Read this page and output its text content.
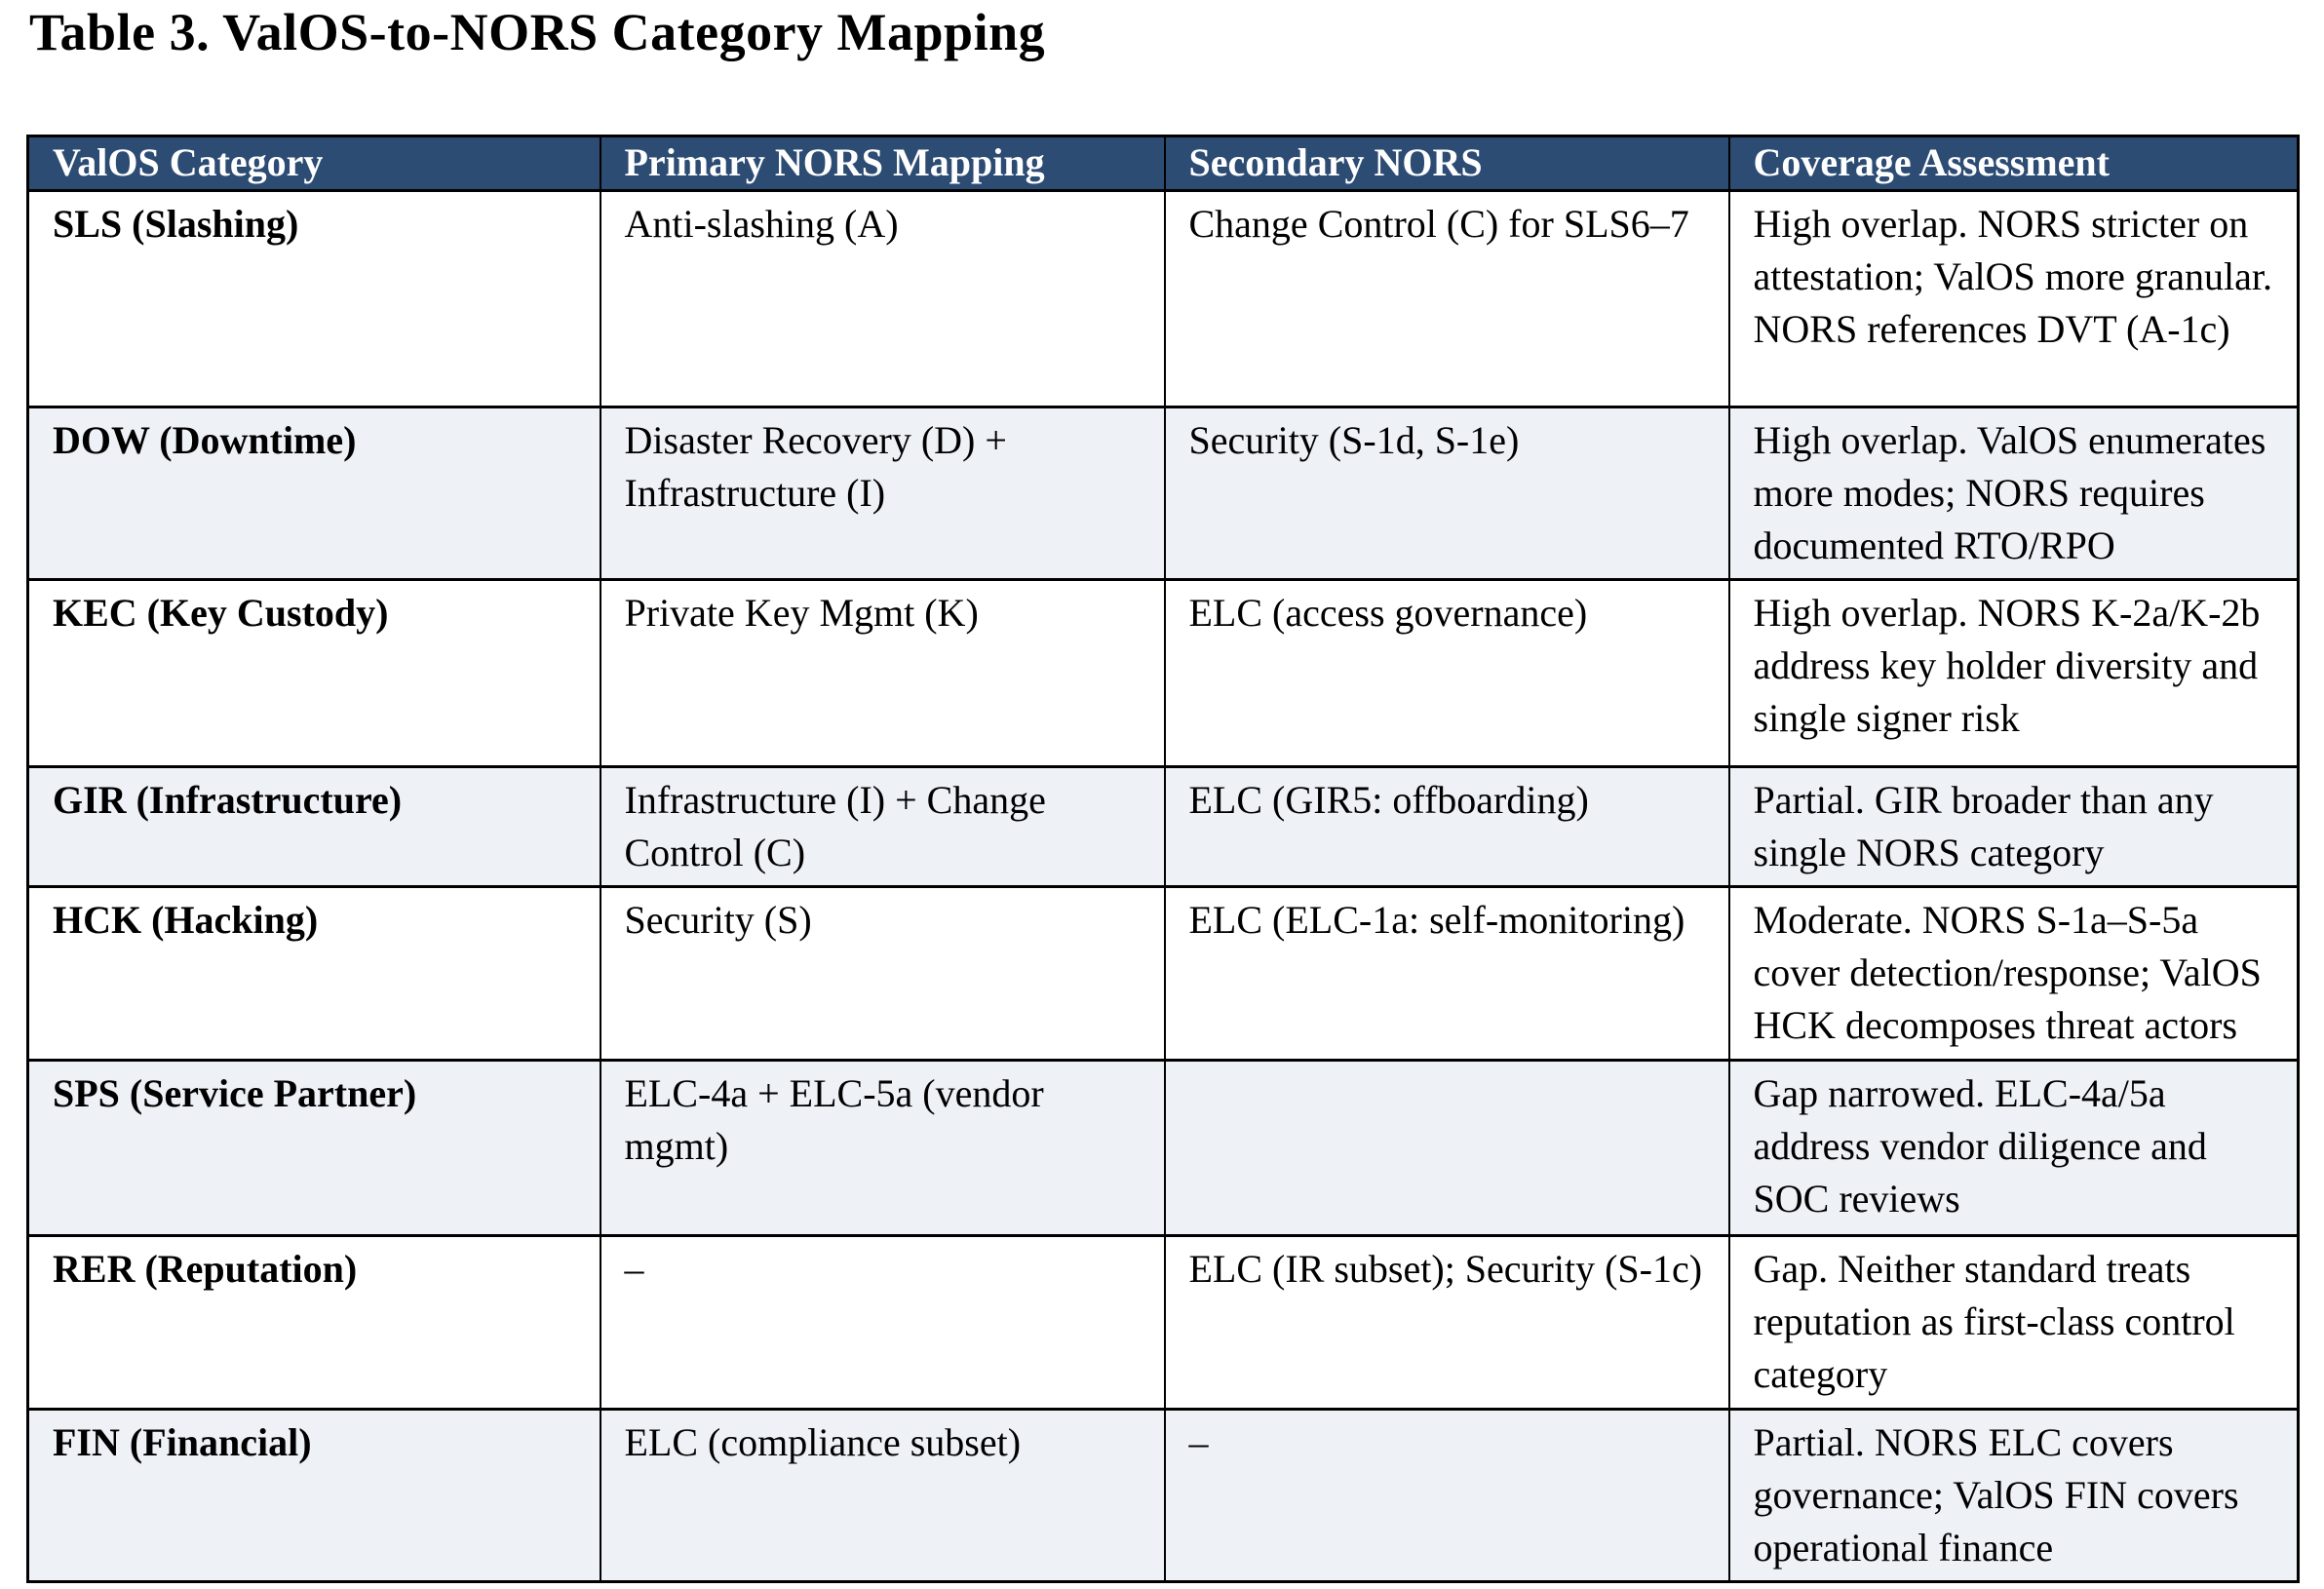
Table 3. ValOS-to-NORS Category Mapping
ValOS Category	Primary NORS Mapping	Secondary NORS	Coverage Assessment
SLS (Slashing)	Anti-slashing (A)	Change Control (C) for SLS6–7	High overlap. NORS stricter on attestation; ValOS more granular. NORS references DVT (A-1c)
DOW (Downtime)	Disaster Recovery (D) + Infrastructure (I)	Security (S-1d, S-1e)	High overlap. ValOS enumerates more modes; NORS requires documented RTO/RPO
KEC (Key Custody)	Private Key Mgmt (K)	ELC (access governance)	High overlap. NORS K-2a/K-2b address key holder diversity and single signer risk
GIR (Infrastructure)	Infrastructure (I) + Change Control (C)	ELC (GIR5: offboarding)	Partial. GIR broader than any single NORS category
HCK (Hacking)	Security (S)	ELC (ELC-1a: self-monitoring)	Moderate. NORS S-1a–S-5a cover detection/response; ValOS HCK decomposes threat actors
SPS (Service Partner)	ELC-4a + ELC-5a (vendor mgmt)		Gap narrowed. ELC-4a/5a address vendor diligence and SOC reviews
RER (Reputation)	–	ELC (IR subset); Security (S-1c)	Gap. Neither standard treats reputation as first-class control category
FIN (Financial)	ELC (compliance subset)	–	Partial. NORS ELC covers governance; ValOS FIN covers operational finance
